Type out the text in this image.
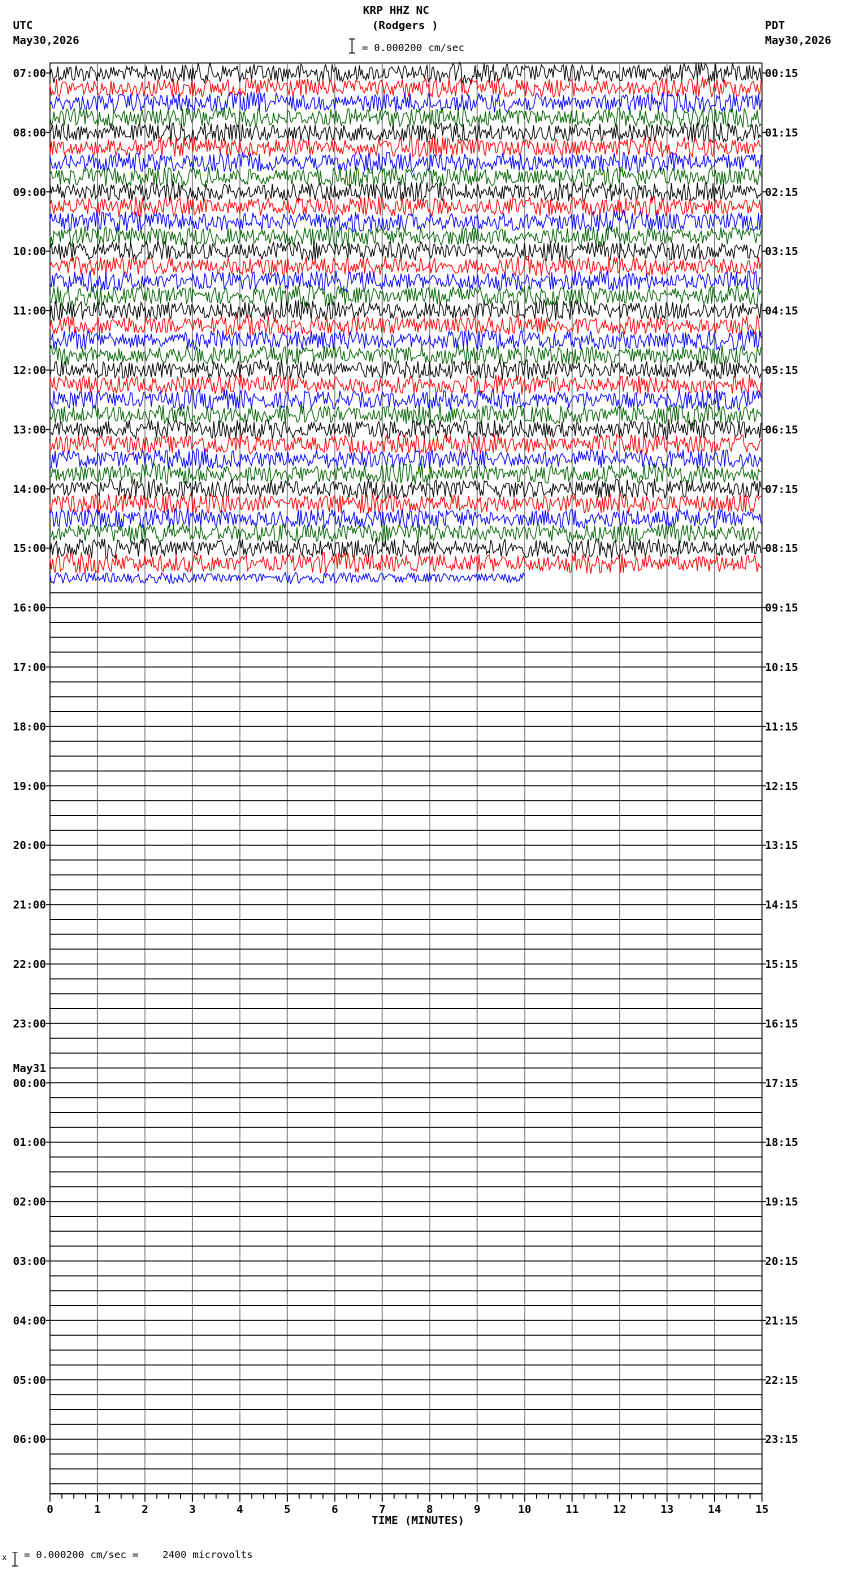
KRP HHZ NC
(Rodgers )
UTC
May30,2026
PDT
May30,2026
= 0.000200 cm/sec
07:00	00:15
08:00	01:15
09:00	02:15
10:00	03:15
11:00	04:15
12:00	05:15
13:00	06:15
14:00	07:15
15:00	08:15
16:00	09:15
17:00	10:15
18:00	11:15
19:00	12:15
20:00	13:15
21:00	14:15
22:00	15:15
23:00	16:15
00:00	17:15
01:00	18:15
02:00	19:15
03:00	20:15
04:00	21:15
05:00	22:15
06:00	23:15
May31
0	1	2	3	4	5	6	7	8	9	10	11	12	13	14	15
TIME (MINUTES)
x = 0.000200 cm/sec =    2400 microvolts
